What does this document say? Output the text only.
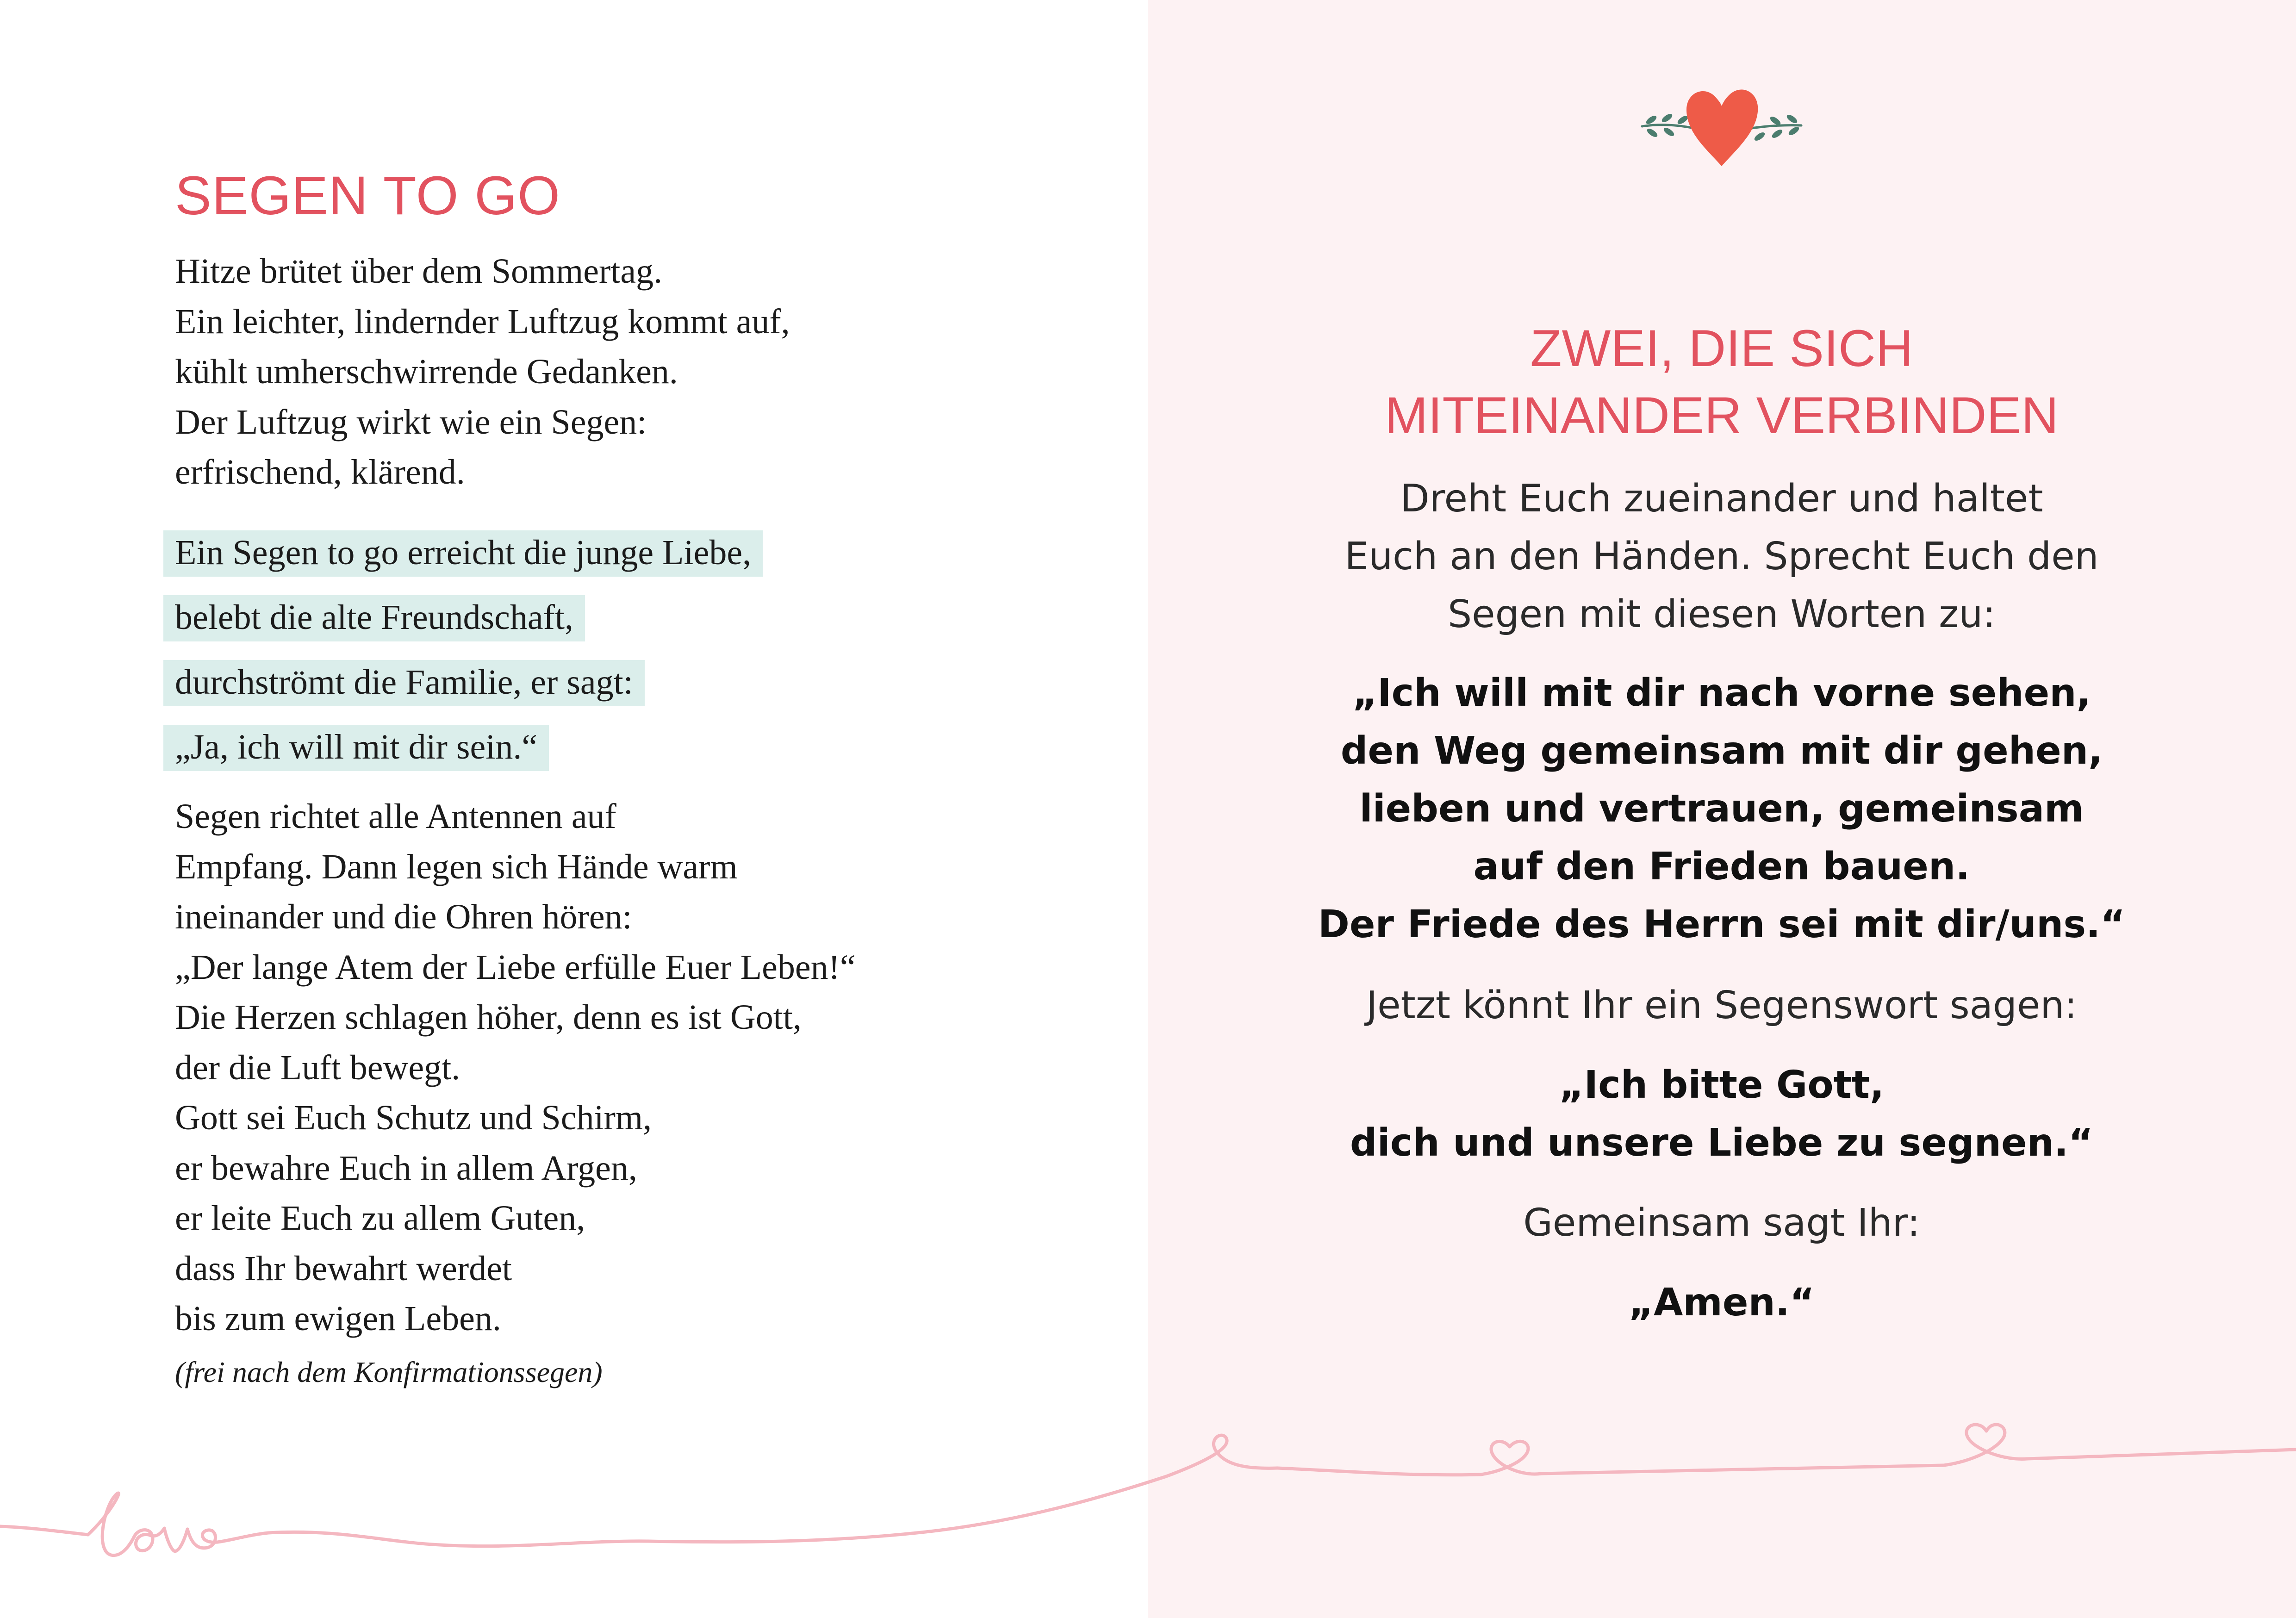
SEGEN TO GO
Hitze brütet über dem Sommertag.
Ein leichter, lindernder Luftzug kommt auf,
kühlt umherschwirrende Gedanken.
Der Luftzug wirkt wie ein Segen:
erfrischend, klärend.
Ein Segen to go erreicht die junge Liebe,
belebt die alte Freundschaft,
durchströmt die Familie, er sagt:
„Ja, ich will mit dir sein.“
Segen richtet alle Antennen auf
Empfang. Dann legen sich Hände warm
ineinander und die Ohren hören:
„Der lange Atem der Liebe erfülle Euer Leben!“
Die Herzen schlagen höher, denn es ist Gott,
der die Luft bewegt.
Gott sei Euch Schutz und Schirm,
er bewahre Euch in allem Argen,
er leite Euch zu allem Guten,
dass Ihr bewahrt werdet
bis zum ewigen Leben.
(frei nach dem Konfirmationssegen)
ZWEI, DIE SICH
MITEINANDER VERBINDEN
Dreht Euch zueinander und haltet
Euch an den Händen. Sprecht Euch den
Segen mit diesen Worten zu:
„Ich will mit dir nach vorne sehen,
den Weg gemeinsam mit dir gehen,
lieben und vertrauen, gemeinsam
auf den Frieden bauen.
Der Friede des Herrn sei mit dir/uns.“
Jetzt könnt Ihr ein Segenswort sagen:
„Ich bitte Gott,
dich und unsere Liebe zu segnen.“
Gemeinsam sagt Ihr:
„Amen.“
